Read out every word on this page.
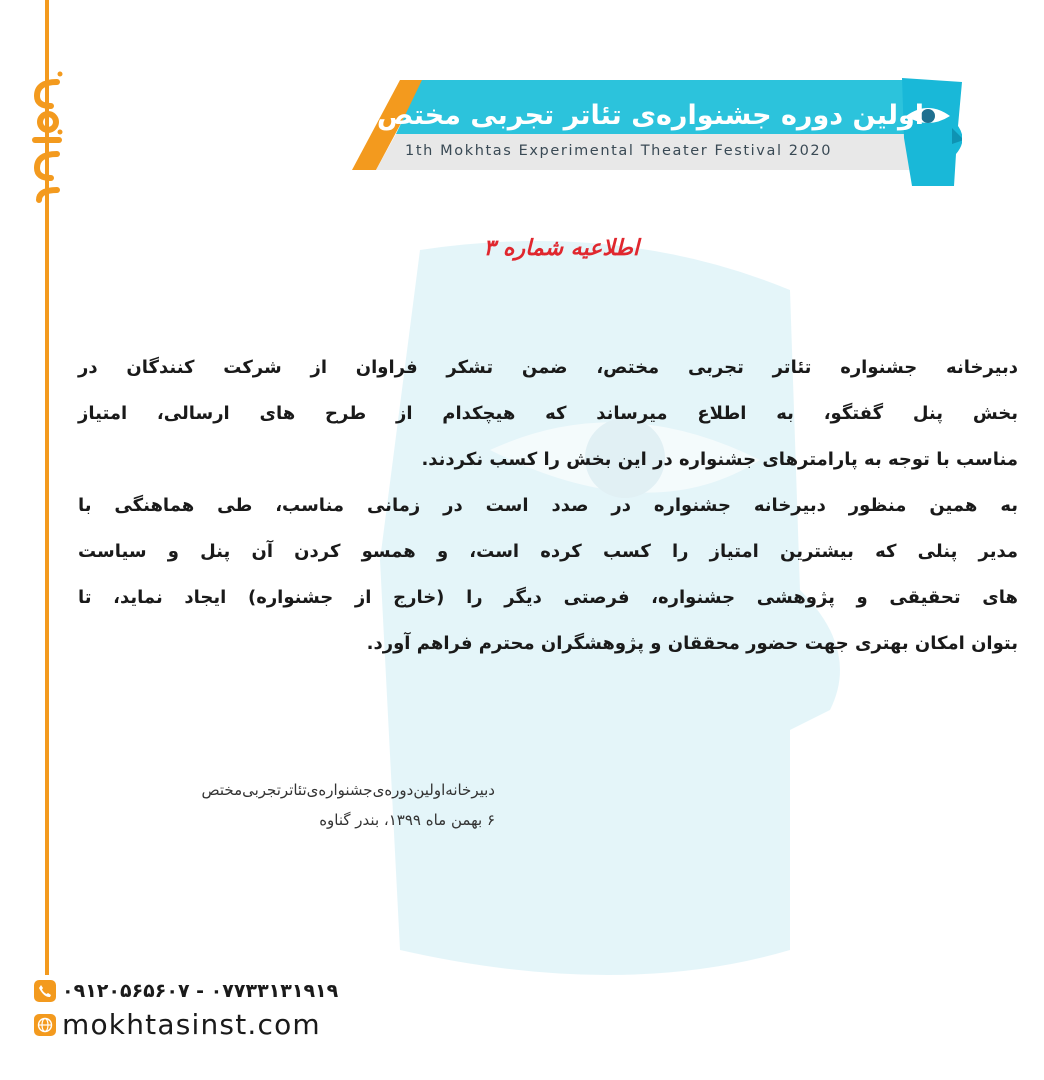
اولین دوره جشنواره‌ی تئاتر تجربی مختص
1th Mokhtas Experimental Theater Festival 2020
اطلاعیه شماره ۳
دبیرخانه جشنواره تئاتر تجربی مختص، ضمن تشکر فراوان از شرکت کنندگان در
بخش پنل گفتگو، به اطلاع میرساند که هیچکدام از طرح های ارسالی، امتیاز
مناسب با توجه به پارامترهای جشنواره در این بخش را کسب نکردند.
به همین منظور دبیرخانه جشنواره در صدد است در زمانی مناسب، طی هماهنگی با
مدیر پنلی که بیشترین امتیاز را کسب کرده است، و همسو کردن آن پنل و سیاست
های تحقیقی و پژوهشی جشنواره، فرصتی دیگر را (خارج از جشنواره) ایجاد نماید، تا
بتوان امکان بهتری جهت حضور محققان و پژوهشگران محترم فراهم آورد.
دبیرخانه‌اولین‌دوره‌ی‌جشنواره‌ی‌تئاترتجربی‌مختص
۶ بهمن ماه ۱۳۹۹، بندر گناوه
۰۹۱۲۰۵۶۵۶۰۷ - ۰۷۷۳۳۱۳۱۹۱۹
mokhtasinst.com
